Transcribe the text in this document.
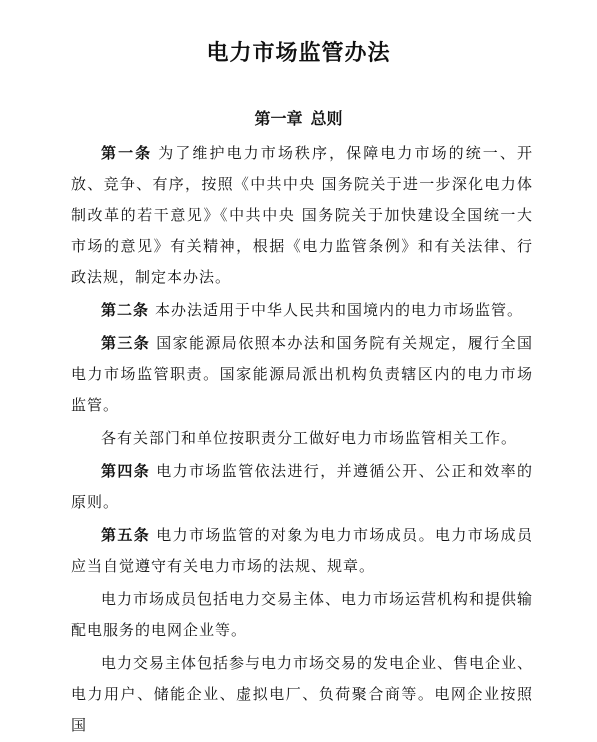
电力市场监管办法
第一章 总则

第一条 为了维护电力市场秩序，保障电力市场的统一、开放、竞争、有序，按照《中共中央 国务院关于进一步深化电力体制改革的若干意见》《中共中央 国务院关于加快建设全国统一大市场的意见》有关精神，根据《电力监管条例》和有关法律、行政法规，制定本办法。

第二条 本办法适用于中华人民共和国境内的电力市场监管。

第三条 国家能源局依照本办法和国务院有关规定，履行全国电力市场监管职责。国家能源局派出机构负责辖区内的电力市场监管。

各有关部门和单位按职责分工做好电力市场监管相关工作。

第四条 电力市场监管依法进行，并遵循公开、公正和效率的原则。

第五条 电力市场监管的对象为电力市场成员。电力市场成员应当自觉遵守有关电力市场的法规、规章。

电力市场成员包括电力交易主体、电力市场运营机构和提供输配电服务的电网企业等。

电力交易主体包括参与电力市场交易的发电企业、售电企业、电力用户、储能企业、虚拟电厂、负荷聚合商等。电网企业按照国
